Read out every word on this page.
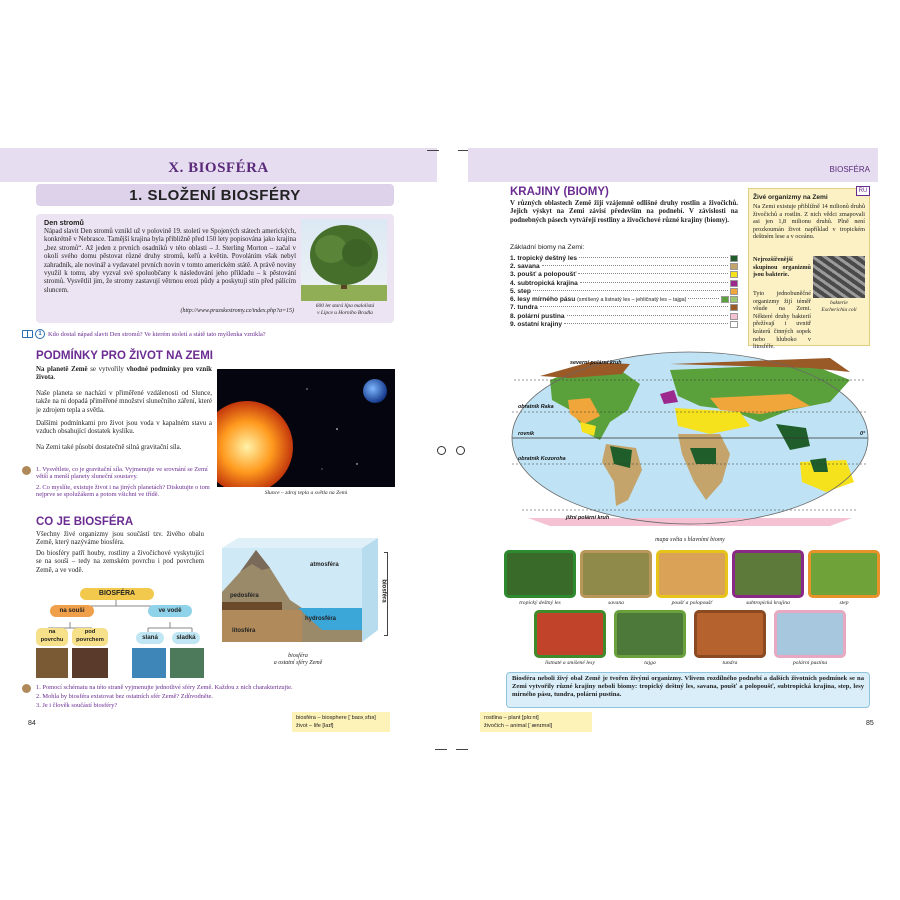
X. BIOSFÉRA
1. SLOŽENÍ BIOSFÉRY
Den stromů

Nápad slavit Den stromů vznikl už v polovině 19. století ve Spojených státech amerických, konkrétně v Nebrasce. Tamější krajina byla přibližně před 150 lety popisována jako krajina „bez stromů“. Až jeden z prvních osadníků v této oblasti – J. Sterling Morton – začal v okolí svého domu pěstovat různé druhy stromů, keřů a květin. Povoláním však nebyl zahradník, ale novinář a vydavatel prvních novin v tomto americkém státě. A právě noviny využil k tomu, aby vyzval své spoluobčany k následování jeho příkladu – k pěstování stromů. Vysvětlil jim, že stromy zastavují větrnou erozi půdy a poskytují stín před pálícím sluncem.

(http://www.prazskestromy.cz/index.php?a=15)
600 let stará lípa malolistá
v Lipce u Horního Bradla
1 Kdo dostal nápad slavit Den stromů? Ve kterém století a státě tato myšlenka vznikla?
PODMÍNKY PRO ŽIVOT NA ZEMI

Na planetě Země se vytvořily vhodné podmínky pro vznik života.

Naše planeta se nachází v přiměřené vzdálenosti od Slunce, takže na ni dopadá přiměřené množství slunečního záření, které je zdrojem tepla a světla.

Dalšími podmínkami pro život jsou voda v kapalném stavu a vzduch obsahující dostatek kyslíku.

Na Zemi také působí dostatečně silná gravitační síla.

1. Vysvětlete, co je gravitační síla. Vyjmenujte ve srovnání se Zemí větší a menší planety sluneční soustavy.
2. Co myslíte, existuje život i na jiných planetách? Diskutujte o tom nejprve se spolužákem a potom všichni ve třídě.	Slunce – zdroj tepla a světla na Zemi
CO JE BIOSFÉRA

Všechny živé organizmy jsou součástí tzv. živého obalu Země, který nazýváme biosféra.

Do biosféry patří houby, rostliny a živočichové vyskytující se na souši – tedy na zemském povrchu i pod povrchem Země, a ve vodě.

BIOSFÉRA
na souši	ve vodě
na
povrchu
pod
povrchem	slaná	sladká
atmosféra
pedosféra
litosféra
hydrosféra
biosféra
biosféra
a ostatní sféry Země
1. Pomocí schématu na této straně vyjmenujte jednotlivé sféry Země. Každou z nich charakterizujte.
2. Mohla by biosféra existovat bez ostatních sfér Země? Zdůvodněte.
3. Je i člověk součástí biosféry?
84
biosféra – biosphere [ˈbaɪəˌsfɪə]
život – life [laɪf]
BIOSFÉRA
KRAJINY (BIOMY)

V různých oblastech Země žijí vzájemně odlišné druhy rostlin a živočichů. Jejich výskyt na Zemi závisí především na podnebí. V závislosti na podnebných pásech vytvářejí rostliny a živočichové různé krajiny (biomy).

Základní biomy na Zemi:
1. tropický deštný les
2. savana
3. poušť a polopoušť
4. subtropická krajina
5. step
6. lesy mírného pásu
(smíšený a listnatý les – jehličnatý les – tajga)
7. tundra
8. polární pustina
9. ostatní krajiny
RU
Živé organizmy na Zemi

Na Zemi existuje přibližně 14 milionů druhů živočichů a rostlin. Z nich vědci zmapovali asi jen 1,8 milionu druhů. Plně není prozkoumán život například v tropickém deštném lese a v oceánu.

Nejrozšířenější skupinou organizmů jsou bakterie.

bakterie
Escherichia coli

Tyto jednobuněčné organizmy žijí téměř všude na Zemi. Některé druhy bakterií přežívají i uvnitř kráterů činných sopek nebo hluboko v litosféře.

severní polární kruh
obratník Raka
rovník	0°
obratník Kozoroha
jižní polární kruh
mapa světa s hlavními biomy
tropický deštný les	savana	poušť a polopoušť	subtropická krajina	step
listnaté a smíšené lesy	tajga	tundra	polární pustina

Biosféra neboli živý obal Země je tvořen živými organizmy. Vlivem rozdílného podnebí a dalších životních podmínek se na Zemi vytvořily různé krajiny neboli biomy: tropický deštný les, savana, poušť a polopoušť, subtropická krajina, step, lesy mírného pásu, tundra, polární pustina.

rostlina – plant [plɑːnt]
živočich – animal [ˈænɪməl]	85
